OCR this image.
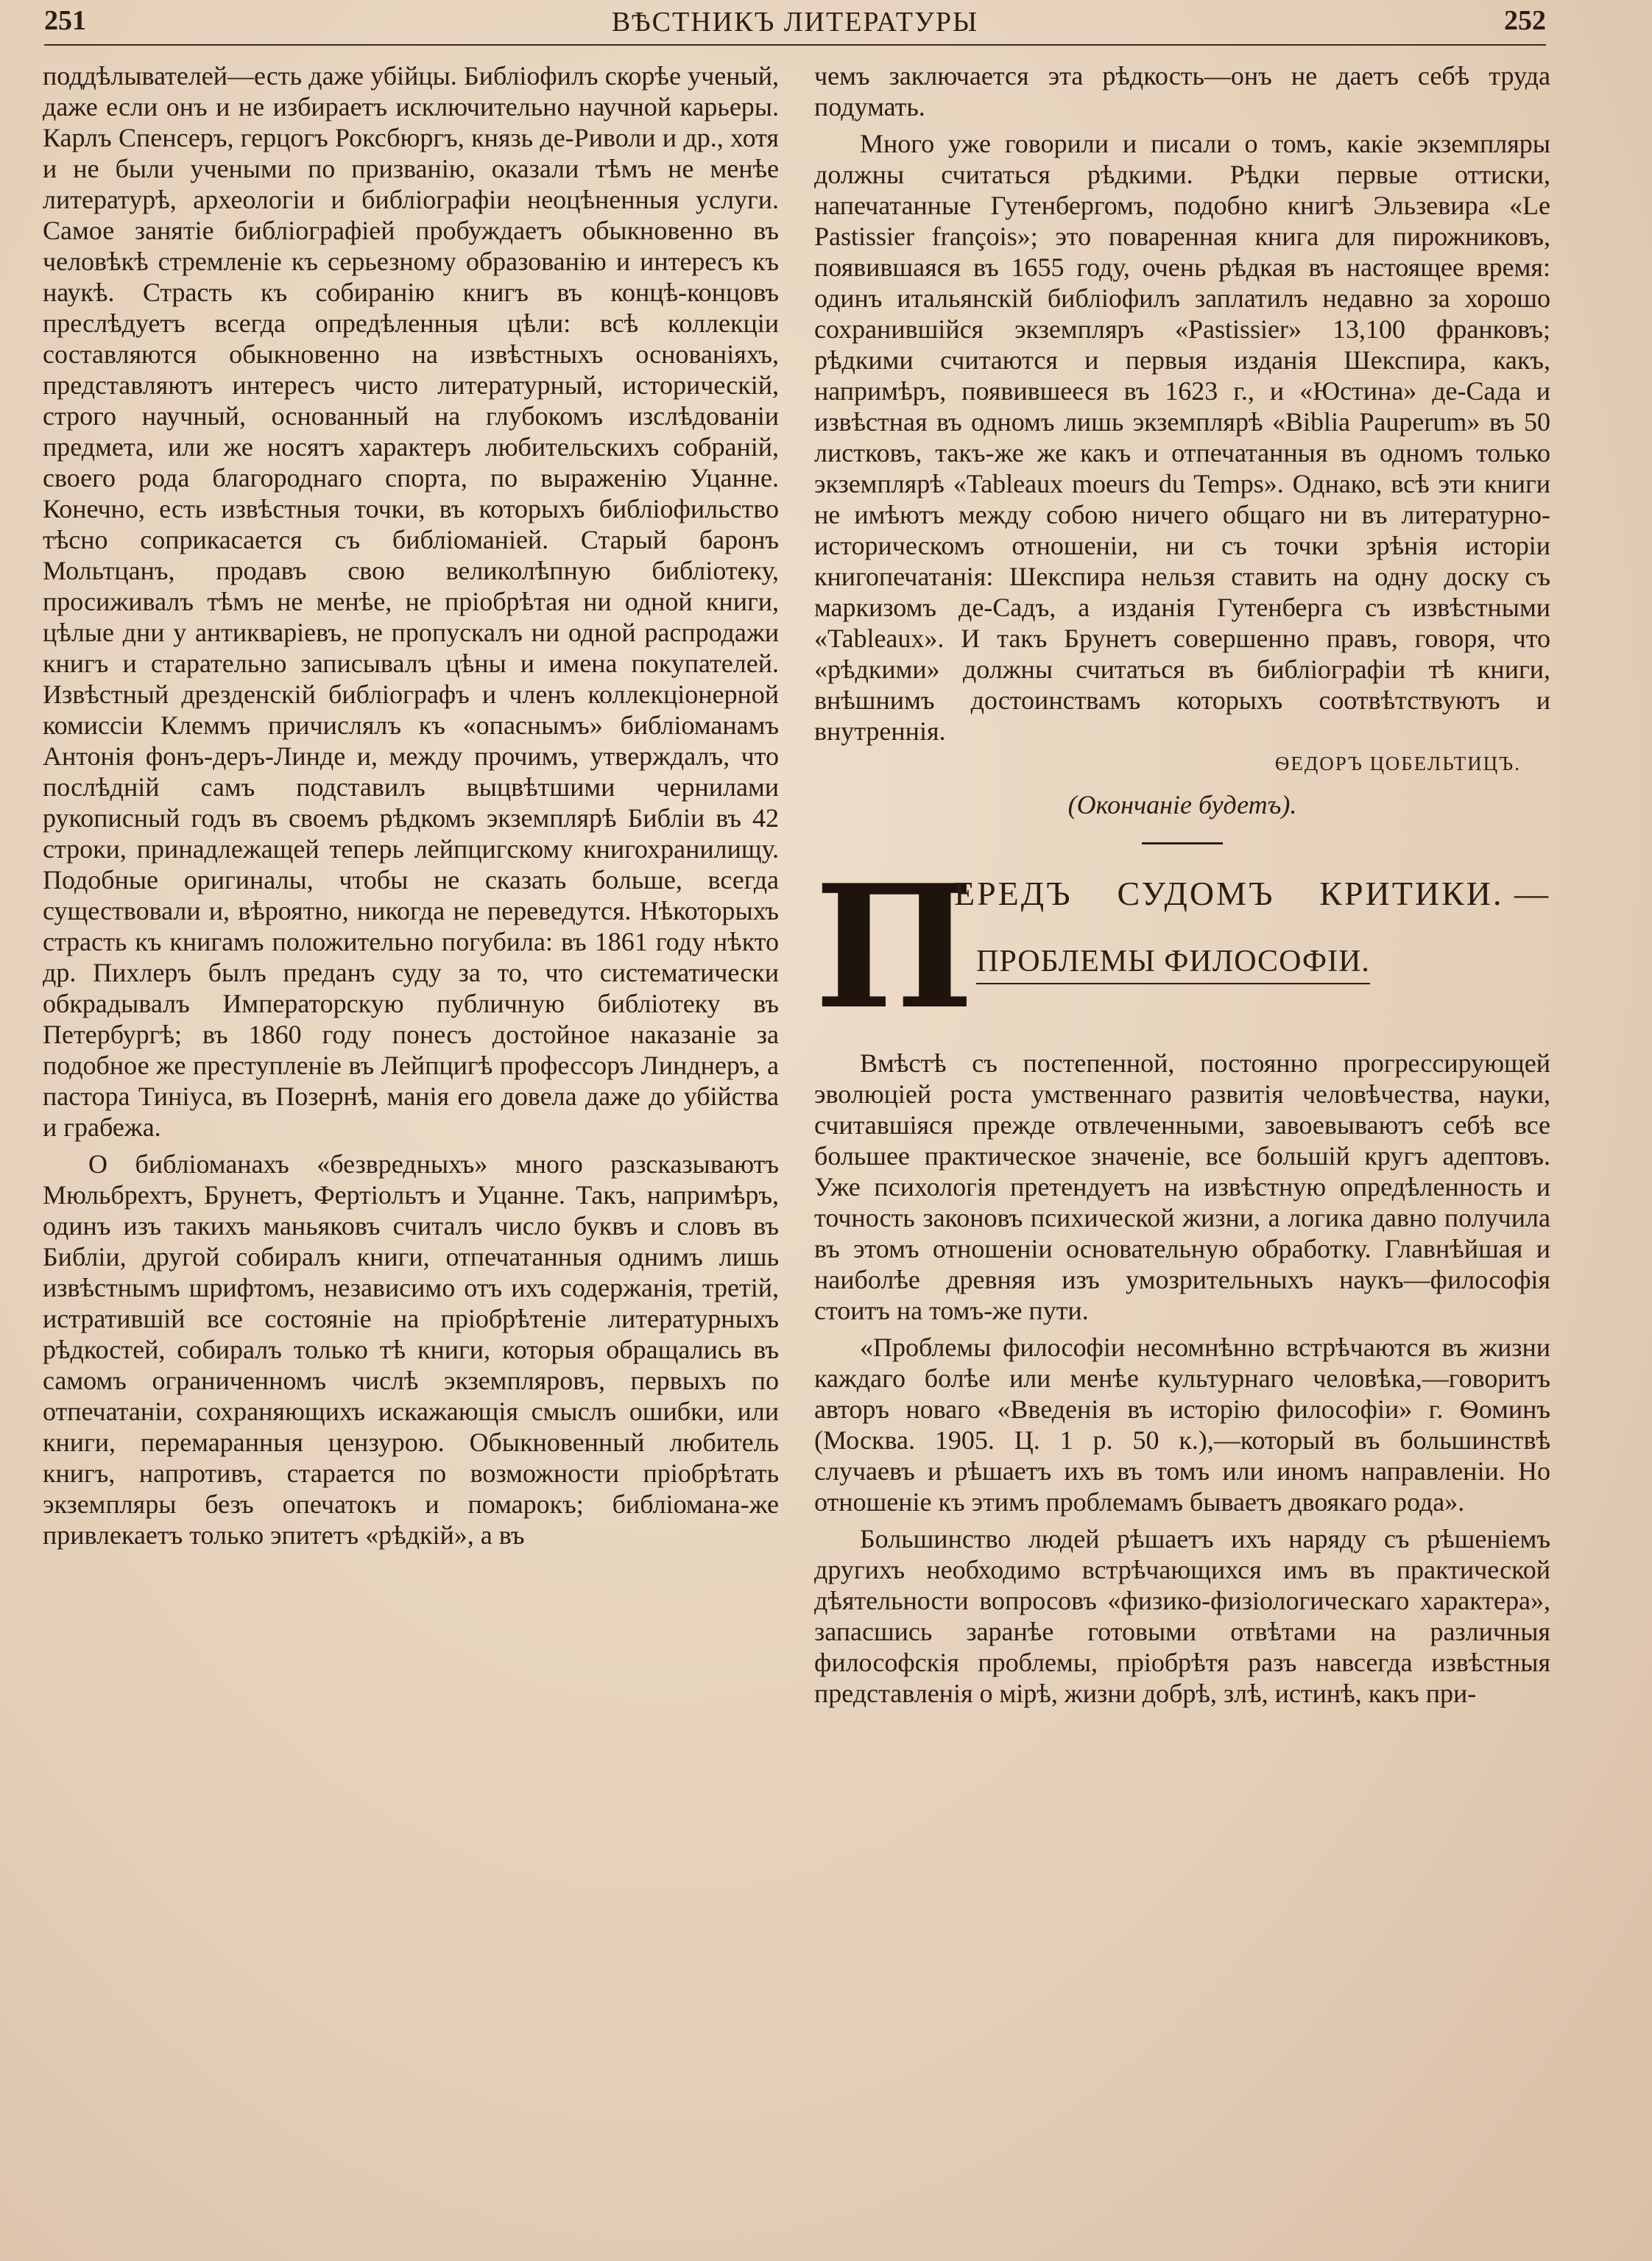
251	ВѢСТНИКЪ ЛИТЕРАТУРЫ	252

поддѣлывателей—есть даже убійцы. Библіофилъ скорѣе ученый, даже если онъ и не избираетъ исключительно научной карьеры. Карлъ Спенсеръ, герцогъ Роксбюргъ, князь де-Риволи и др., хотя и не были учеными по призванію, оказали тѣмъ не менѣе литературѣ, археологіи и библіографіи неоцѣненныя услуги. Самое занятіе библіографіей пробуждаетъ обыкновенно въ человѣкѣ стремленіе къ серьезному образованію и интересъ къ наукѣ. Страсть къ собиранію книгъ въ концѣ-концовъ преслѣдуетъ всегда опредѣленныя цѣли: всѣ коллекціи составляются обыкновенно на извѣстныхъ основаніяхъ, представляютъ интересъ чисто литературный, историческій, строго научный, основанный на глубокомъ изслѣдованіи предмета, или же носятъ характеръ любительскихъ собраній, своего рода благороднаго спорта, по выраженію Уцанне. Конечно, есть извѣстныя точки, въ которыхъ библіофильство тѣсно соприкасается съ библіоманіей. Старый баронъ Мольтцанъ, продавъ свою великолѣпную библіотеку, просиживалъ тѣмъ не менѣе, не пріобрѣтая ни одной книги, цѣлые дни у антикваріевъ, не пропускалъ ни одной распродажи книгъ и старательно записывалъ цѣны и имена покупателей. Извѣстный дрезденскій библіографъ и членъ коллекціонерной комиссіи Клеммъ причислялъ къ «опаснымъ» библіоманамъ Антонія фонъ-деръ-Линде и, между прочимъ, утверждалъ, что послѣдній самъ подставилъ выцвѣтшими чернилами рукописный годъ въ своемъ рѣдкомъ экземплярѣ Библіи въ 42 строки, принадлежащей теперь лейпцигскому книгохранилищу. Подобные оригиналы, чтобы не сказать больше, всегда существовали и, вѣроятно, никогда не переведутся. Нѣкоторыхъ страсть къ книгамъ положительно погубила: въ 1861 году нѣкто др. Пихлеръ былъ преданъ суду за то, что систематически обкрадывалъ Императорскую публичную библіотеку въ Петербургѣ; въ 1860 году понесъ достойное наказаніе за подобное же преступленіе въ Лейпцигѣ профессоръ Линднеръ, а пастора Тиніуса, въ Позернѣ, манія его довела даже до убійства и грабежа.

О библіоманахъ «безвредныхъ» много разсказываютъ Мюльбрехтъ, Брунетъ, Фертіольтъ и Уцанне. Такъ, напримѣръ, одинъ изъ такихъ маньяковъ считалъ число буквъ и словъ въ Библіи, другой собиралъ книги, отпечатанныя однимъ лишь извѣстнымъ шрифтомъ, независимо отъ ихъ содержанія, третій, истратившій все состояніе на пріобрѣтеніе литературныхъ рѣдкостей, собиралъ только тѣ книги, которыя обращались въ самомъ ограниченномъ числѣ экземпляровъ, первыхъ по отпечатаніи, сохраняющихъ искажающія смыслъ ошибки, или книги, перемаранныя цензурою. Обыкновенный любитель книгъ, напротивъ, старается по возможности пріобрѣтать экземпляры безъ опечатокъ и помарокъ; библіомана-же привлекаетъ только эпитетъ «рѣдкій», а въ

чемъ заключается эта рѣдкость—онъ не даетъ себѣ труда подумать.

Много уже говорили и писали о томъ, какіе экземпляры должны считаться рѣдкими. Рѣдки первые оттиски, напечатанные Гутенбергомъ, подобно книгѣ Эльзевира «Le Pastissier françois»; это поваренная книга для пирожниковъ, появившаяся въ 1655 году, очень рѣдкая въ настоящее время: одинъ итальянскій библіофилъ заплатилъ недавно за хорошо сохранившійся экземпляръ «Pastissier» 13,100 франковъ; рѣдкими считаются и первыя изданія Шекспира, какъ, напримѣръ, появившееся въ 1623 г., и «Юстина» де-Сада и извѣстная въ одномъ лишь экземплярѣ «Biblia Pauperum» въ 50 листковъ, такъ-же же какъ и отпечатанныя въ одномъ только экземплярѣ «Tableaux moeurs du Temps». Однако, всѣ эти книги не имѣютъ между собою ничего общаго ни въ литературно-историческомъ отношеніи, ни съ точки зрѣнія исторіи книгопечатанія: Шекспира нельзя ставить на одну доску съ маркизомъ де-Садъ, а изданія Гутенберга съ извѣстными «Tableaux». И такъ Брунетъ совершенно правъ, говоря, что «рѣдкими» должны считаться въ библіографіи тѣ книги, внѣшнимъ достоинствамъ которыхъ соотвѣтствуютъ и внутреннія.

ѲЕДОРЪ ЦОБЕЛЬТИЦЪ.
(Окончаніе будетъ).
П
ЕРЕДЪ СУДОМЪ КРИТИКИ. —
ПРОБЛЕМЫ ФИЛОСОФІИ.

Вмѣстѣ съ постепенной, постоянно прогрессирующей эволюціей роста умственнаго развитія человѣчества, науки, считавшіяся прежде отвлеченными, завоевываютъ себѣ все большее практическое значеніе, все большій кругъ адептовъ. Уже психологія претендуетъ на извѣстную опредѣленность и точность законовъ психической жизни, а логика давно получила въ этомъ отношеніи основательную обработку. Главнѣйшая и наиболѣе древняя изъ умозрительныхъ наукъ—философія стоитъ на томъ-же пути.

«Проблемы философіи несомнѣнно встрѣчаются въ жизни каждаго болѣе или менѣе культурнаго человѣка,—говоритъ авторъ новаго «Введенія въ исторію философіи» г. Ѳоминъ (Москва. 1905. Ц. 1 р. 50 к.),—который въ большинствѣ случаевъ и рѣшаетъ ихъ въ томъ или иномъ направленіи. Но отношеніе къ этимъ проблемамъ бываетъ двоякаго рода».

Большинство людей рѣшаетъ ихъ наряду съ рѣшеніемъ другихъ необходимо встрѣчающихся имъ въ практической дѣятельности вопросовъ «физико-физіологическаго характера», запасшись заранѣе готовыми отвѣтами на различныя философскія проблемы, пріобрѣтя разъ навсегда извѣстныя представленія о мірѣ, жизни добрѣ, злѣ, истинѣ, какъ при-
